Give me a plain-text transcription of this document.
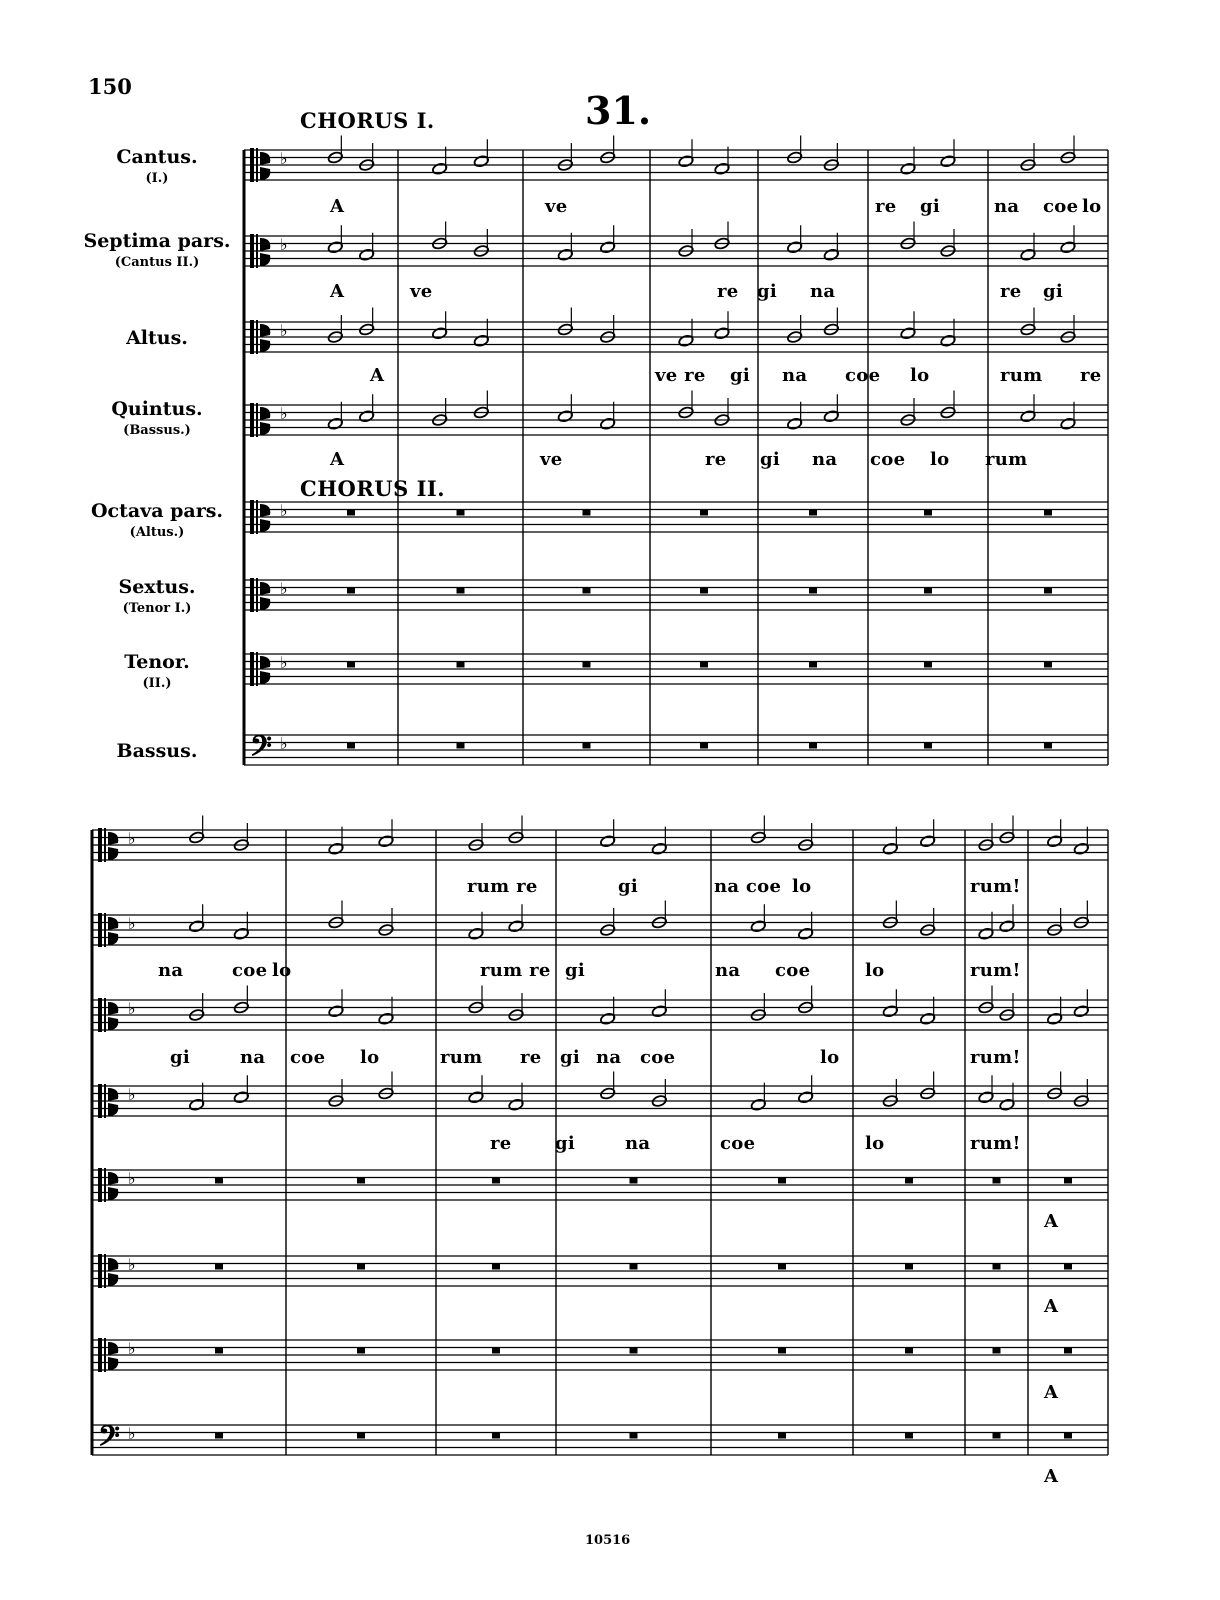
150
31.
CHORUS I.
CHORUS II.
Cantus.
(I.)
Septima pars.
(Cantus II.)
Altus.
Quintus.
(Bassus.)
Octava pars.
(Altus.)
Sextus.
(Tenor I.)
Tenor.
(II.)
Bassus.
A	ve	re gi	na coe lo
A	ve	re gi na	re gi
A	ve re gi na coe lo	rum re
A	ve	re gi na coe lo rum
rum re	gi	na coe lo	rum!
na	coe lo	rum re gi	na coe	lo	rum!
gi	na coe lo	rum re gi na coe	lo	rum!
re gi	na	coe	lo	rum!
A
A
A
A
10516
♭
♭
♭
♭
♭
♭
♭
𝄢 ♭
♭
♭
♭
♭
♭
♭
♭
𝄢 ♭
